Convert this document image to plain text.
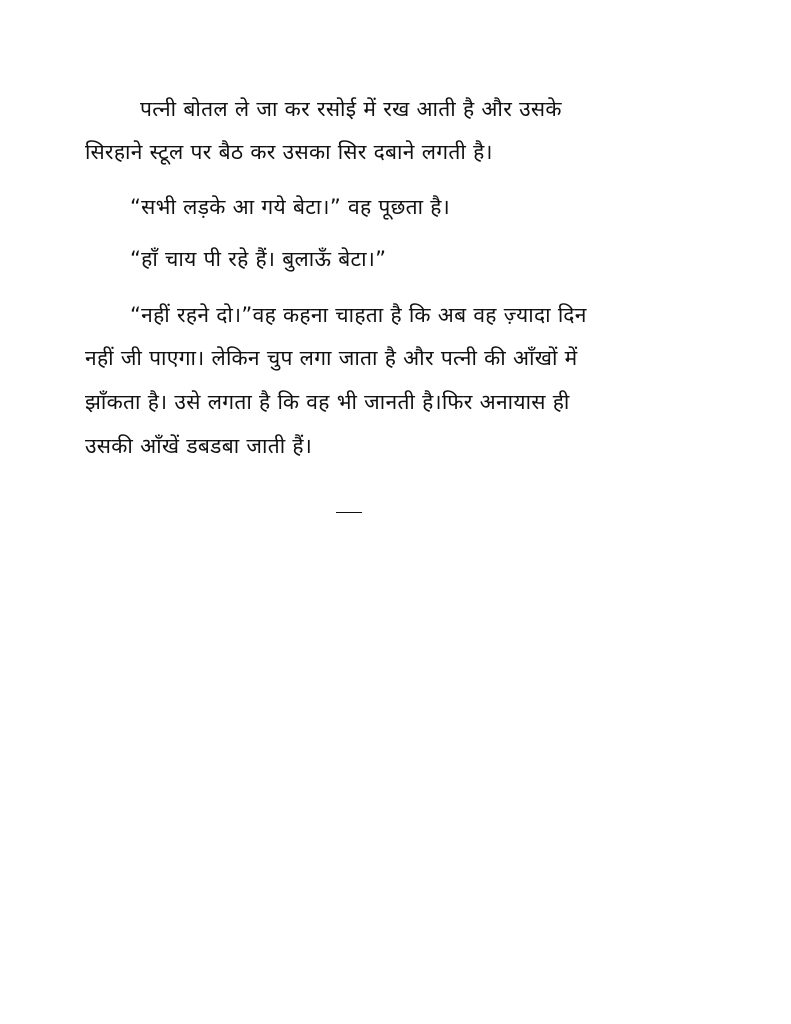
पत्नी बोतल ले जा कर रसोई में रख आती है और उसके
सिरहाने स्टूल पर बैठ कर उसका सिर दबाने लगती है।
“सभी लड़के आ गये बेटा।” वह पूछता है।
“हाँ चाय पी रहे हैं। बुलाऊँ बेटा।”
“नहीं रहने दो।”वह कहना चाहता है कि अब वह ज़्यादा दिन
नहीं जी पाएगा। लेकिन चुप लगा जाता है और पत्नी की आँखों में
झाँकता है। उसे लगता है कि वह भी जानती है।फिर अनायास ही
उसकी आँखें डबडबा जाती हैं।
